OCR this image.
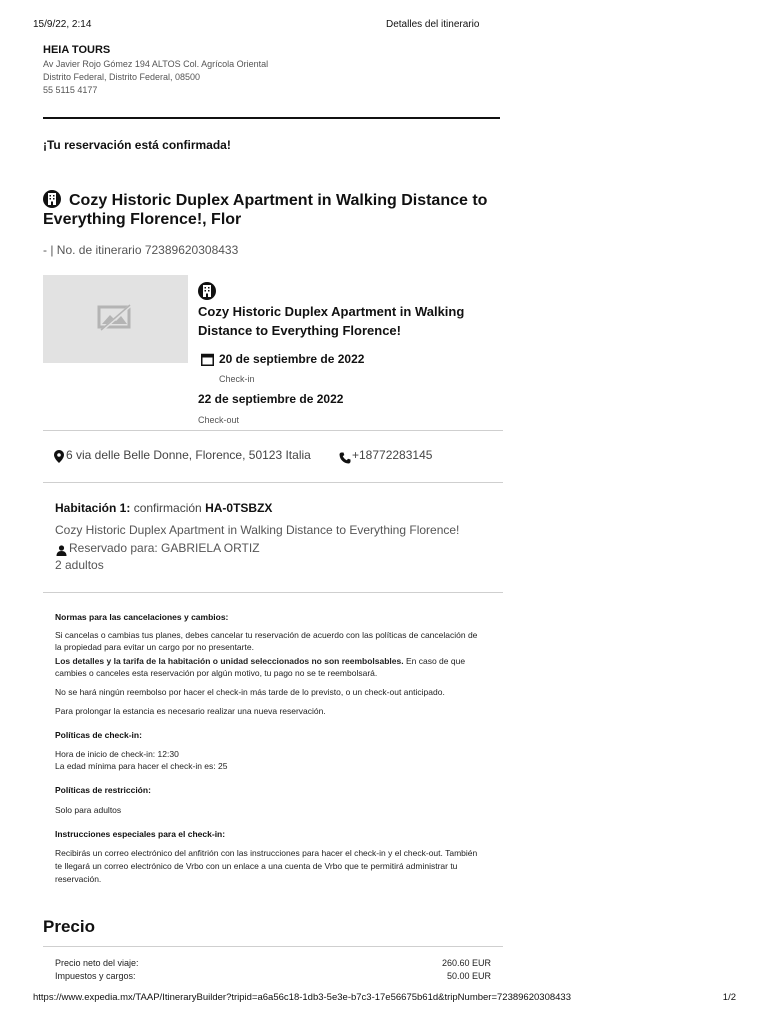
15/9/22, 2:14	Detalles del itinerario
HEIA TOURS
Av Javier Rojo Gómez 194 ALTOS Col. Agrícola Oriental
Distrito Federal, Distrito Federal, 08500
55 5115 4177
¡Tu reservación está confirmada!
Cozy Historic Duplex Apartment in Walking Distance to
Everything Florence!, Flor
- | No. de itinerario 72389620308433
Cozy Historic Duplex Apartment in Walking
Distance to Everything Florence!
20 de septiembre de 2022
Check-in
22 de septiembre de 2022
Check-out
6 via delle Belle Donne, Florence, 50123 Italia	+18772283145
Habitación 1: confirmación HA-0TSBZX
Cozy Historic Duplex Apartment in Walking Distance to Everything Florence!
Reservado para: GABRIELA ORTIZ
2 adultos
Normas para las cancelaciones y cambios:
Si cancelas o cambias tus planes, debes cancelar tu reservación de acuerdo con las políticas de cancelación de
la propiedad para evitar un cargo por no presentarte.
Los detalles y la tarifa de la habitación o unidad seleccionados no son reembolsables. En caso de que
cambies o canceles esta reservación por algún motivo, tu pago no se te reembolsará.
No se hará ningún reembolso por hacer el check-in más tarde de lo previsto, o un check-out anticipado.
Para prolongar la estancia es necesario realizar una nueva reservación.
Políticas de check-in:
Hora de inicio de check-in: 12:30
La edad mínima para hacer el check-in es: 25
Políticas de restricción:
Solo para adultos
Instrucciones especiales para el check-in:
Recibirás un correo electrónico del anfitrión con las instrucciones para hacer el check-in y el check-out. También
te llegará un correo electrónico de Vrbo con un enlace a una cuenta de Vrbo que te permitirá administrar tu
reservación.
Precio
Precio neto del viaje:	260.60 EUR
Impuestos y cargos:	50.00 EUR
https://www.expedia.mx/TAAP/ItineraryBuilder?tripid=a6a56c18-1db3-5e3e-b7c3-17e56675b61d&tripNumber=72389620308433	1/2
